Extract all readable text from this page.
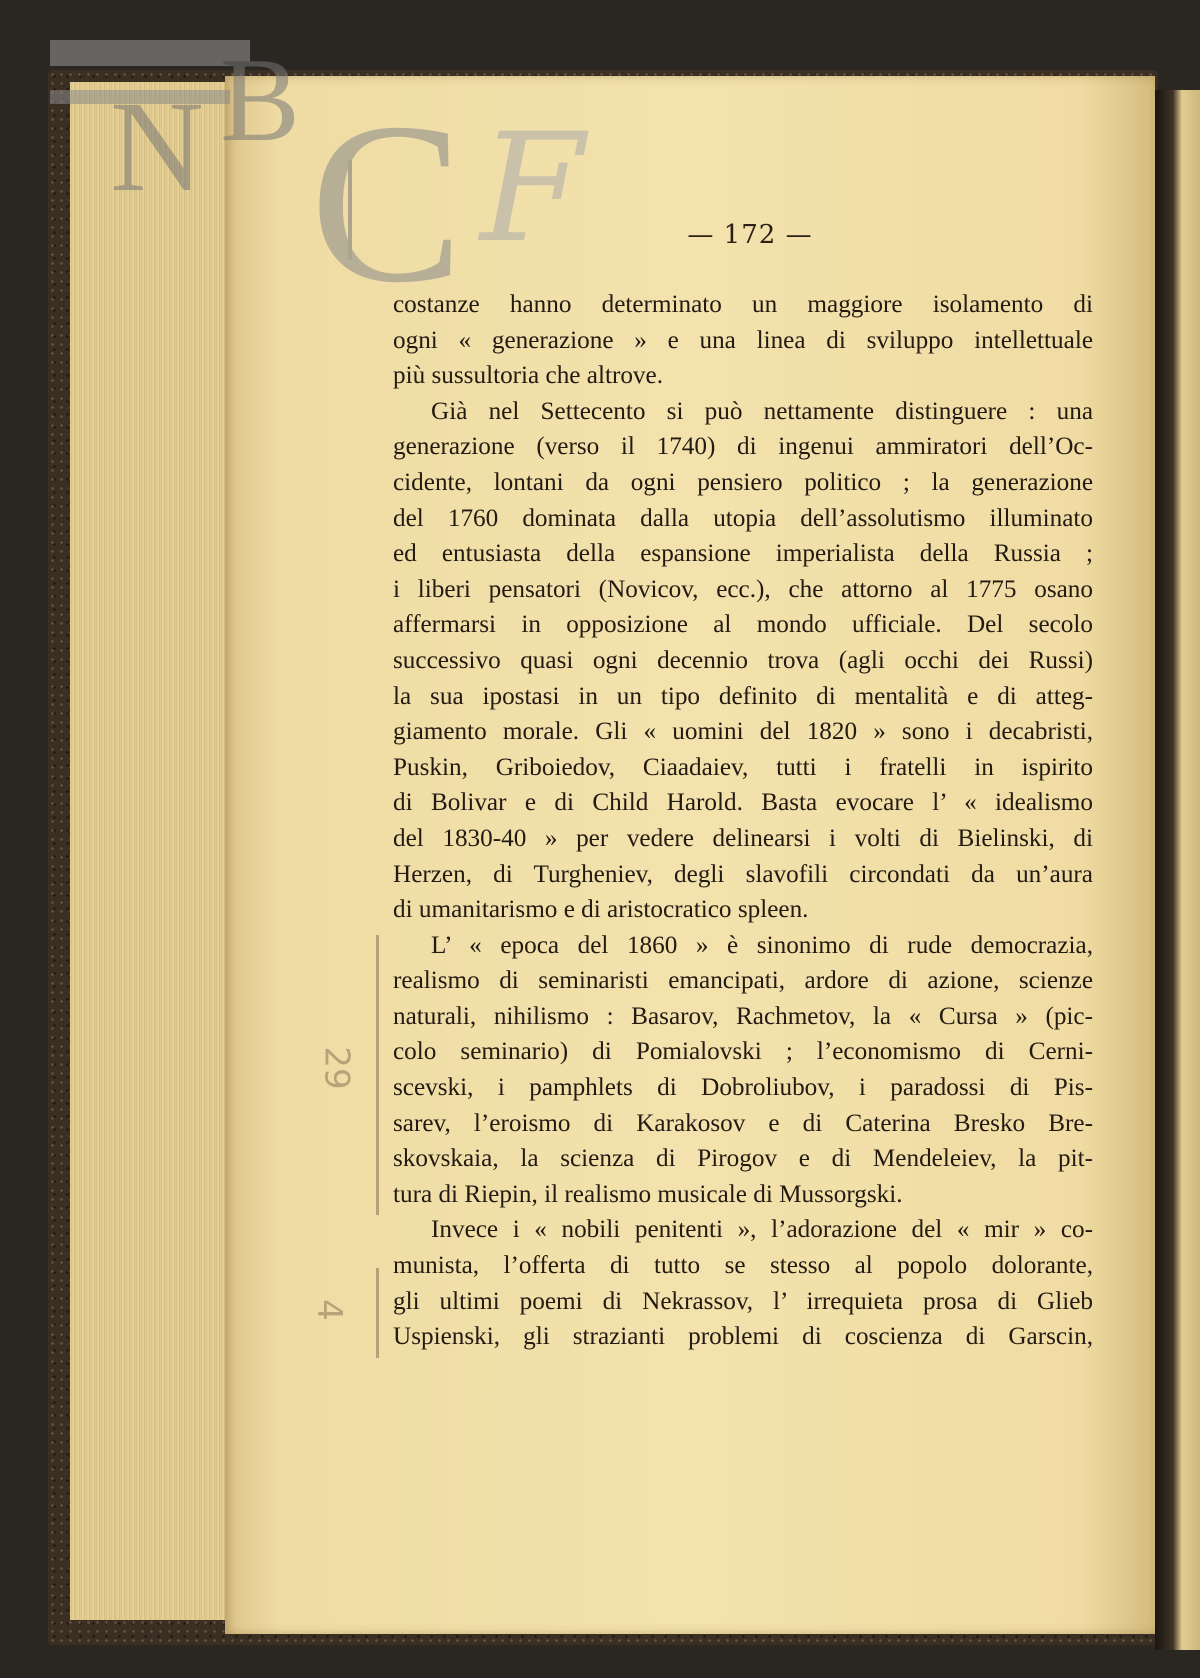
N B C F	— 172 —
costanze hanno determinato un maggiore isolamento di
ogni « generazione » e una linea di sviluppo intellettuale
più sussultoria che altrove.
Già nel Settecento si può nettamente distinguere : una
generazione (verso il 1740) di ingenui ammiratori dell’Oc-
cidente, lontani da ogni pensiero politico ; la generazione
del 1760 dominata dalla utopia dell’assolutismo illuminato
ed entusiasta della espansione imperialista della Russia ;
i liberi pensatori (Novicov, ecc.), che attorno al 1775 osano
affermarsi in opposizione al mondo ufficiale. Del secolo
successivo quasi ogni decennio trova (agli occhi dei Russi)
la sua ipostasi in un tipo definito di mentalità e di atteg-
giamento morale. Gli « uomini del 1820 » sono i decabristi,
Puskin, Griboiedov, Ciaadaiev, tutti i fratelli in ispirito
di Bolivar e di Child Harold. Basta evocare l’ « idealismo
del 1830-40 » per vedere delinearsi i volti di Bielinski, di
Herzen, di Turgheniev, degli slavofili circondati da un’aura
di umanitarismo e di aristocratico spleen.
L’ « epoca del 1860 » è sinonimo di rude democrazia,
realismo di seminaristi emancipati, ardore di azione, scienze
naturali, nihilismo : Basarov, Rachmetov, la « Cursa » (pic-
colo seminario) di Pomialovski ; l’economismo di Cerni-
scevski, i pamphlets di Dobroliubov, i paradossi di Pis-
sarev, l’eroismo di Karakosov e di Caterina Bresko Bre-
skovskaia, la scienza di Pirogov e di Mendeleiev, la pit-
tura di Riepin, il realismo musicale di Mussorgski.
Invece i « nobili penitenti », l’adorazione del « mir » co-
munista, l’offerta di tutto se stesso al popolo dolorante,
gli ultimi poemi di Nekrassov, l’ irrequieta prosa di Glieb
Uspienski, gli strazianti problemi di coscienza di Garscin,
29
4
